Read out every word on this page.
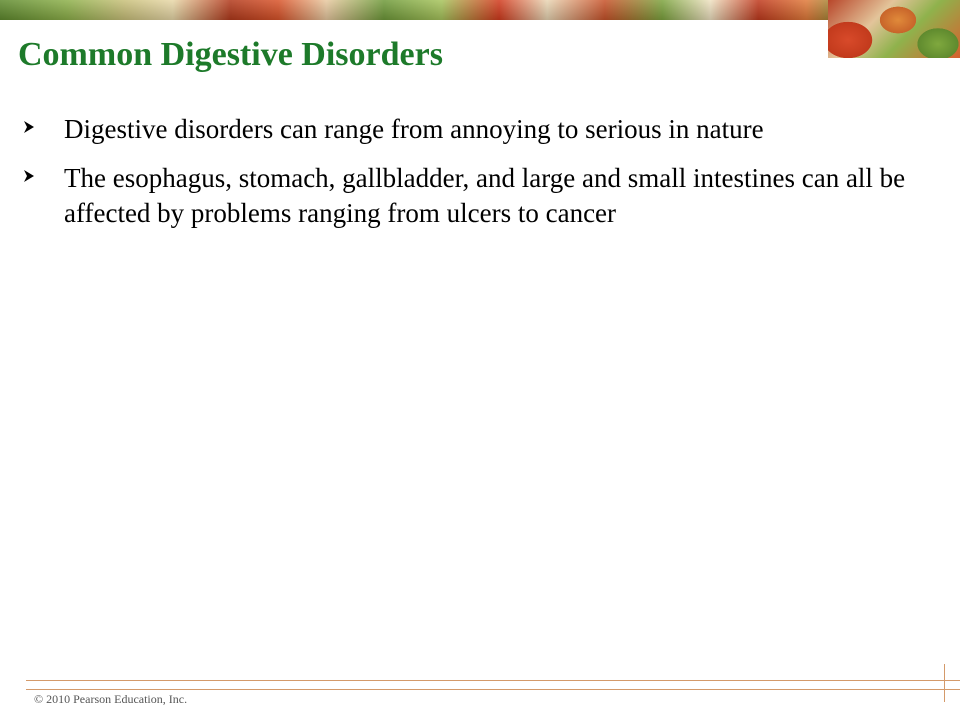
Common Digestive Disorders
Digestive disorders can range from annoying to serious in nature
The esophagus, stomach, gallbladder, and large and small intestines can all be affected by problems ranging from ulcers to cancer
© 2010 Pearson Education, Inc.
